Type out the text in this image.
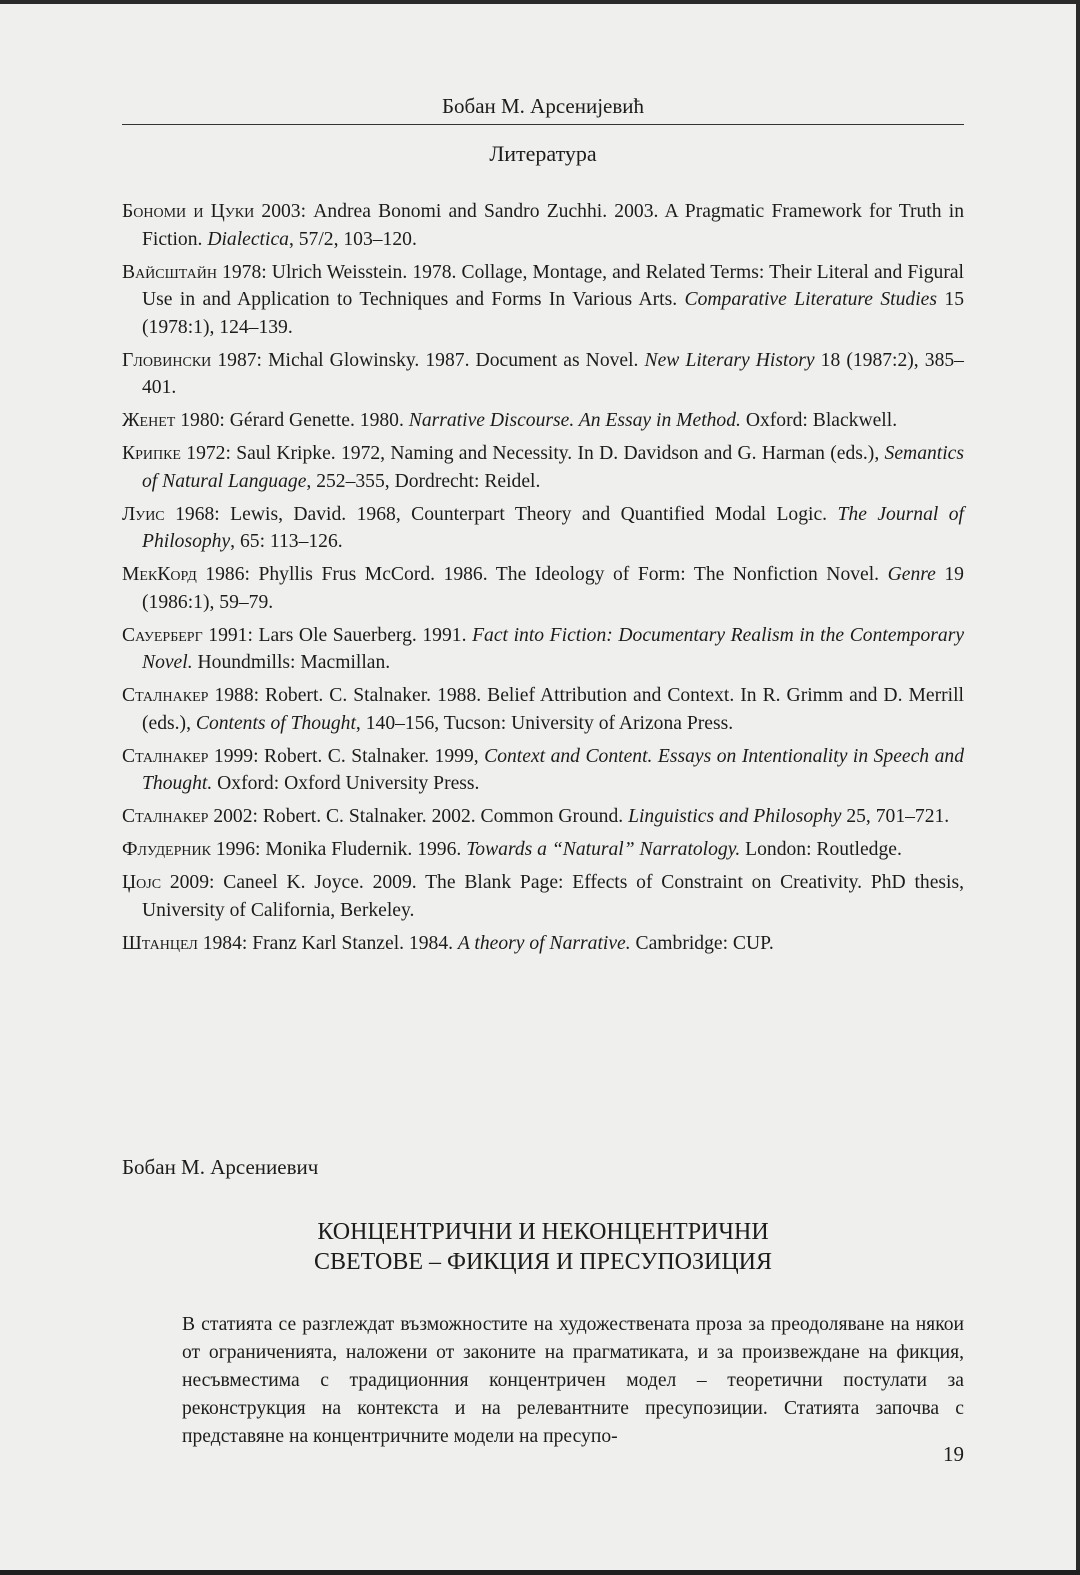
Бобан М. Арсенијевић
Литература
Бономи и Цуки 2003: Andrea Bonomi and Sandro Zuchhi. 2003. A Pragmatic Framework for Truth in Fiction. Dialectica, 57/2, 103–120.
Вайсштайн 1978: Ulrich Weisstein. 1978. Collage, Montage, and Related Terms: Their Literal and Figural Use in and Application to Techniques and Forms In Various Arts. Comparative Literature Studies 15 (1978:1), 124–139.
Гловински 1987: Michal Glowinsky. 1987. Document as Novel. New Literary History 18 (1987:2), 385–401.
Женет 1980: Gérard Genette. 1980. Narrative Discourse. An Essay in Method. Oxford: Blackwell.
Крипке 1972: Saul Kripke. 1972, Naming and Necessity. In D. Davidson and G. Harman (eds.), Semantics of Natural Language, 252–355, Dordrecht: Reidel.
Луис 1968: Lewis, David. 1968, Counterpart Theory and Quantified Modal Logic. The Journal of Philosophy, 65: 113–126.
МекКорд 1986: Phyllis Frus McCord. 1986. The Ideology of Form: The Nonfiction Novel. Genre 19 (1986:1), 59–79.
Сауерберг 1991: Lars Ole Sauerberg. 1991. Fact into Fiction: Documentary Realism in the Contemporary Novel. Houndmills: Macmillan.
Сталнакер 1988: Robert. C. Stalnaker. 1988. Belief Attribution and Context. In R. Grimm and D. Merrill (eds.), Contents of Thought, 140–156, Tucson: University of Arizona Press.
Сталнакер 1999: Robert. C. Stalnaker. 1999, Context and Content. Essays on Intentionality in Speech and Thought. Oxford: Oxford University Press.
Сталнакер 2002: Robert. C. Stalnaker. 2002. Common Ground. Linguistics and Philosophy 25, 701–721.
Флудерник 1996: Monika Fludernik. 1996. Towards a “Natural” Narratology. London: Routledge.
Џојс 2009: Caneel K. Joyce. 2009. The Blank Page: Effects of Constraint on Creativity. PhD thesis, University of California, Berkeley.
Штанцел 1984: Franz Karl Stanzel. 1984. A theory of Narrative. Cambridge: CUP.
Бобан М. Арсениевич
КОНЦЕНТРИЧНИ И НЕКОНЦЕНТРИЧНИ
СВЕТОВЕ – ФИКЦИЯ И ПРЕСУПОЗИЦИЯ

В статията се разглеждат възможностите на художествената проза за преодоляване на някои от ограниченията, наложени от законите на прагматиката, и за произвеждане на фикция, несъвместима с традиционния концентричен модел – теоретични постулати за реконструкция на контекста и на релевантните пресупозиции. Статията започва с представяне на концентричните модели на пресупо-

19
